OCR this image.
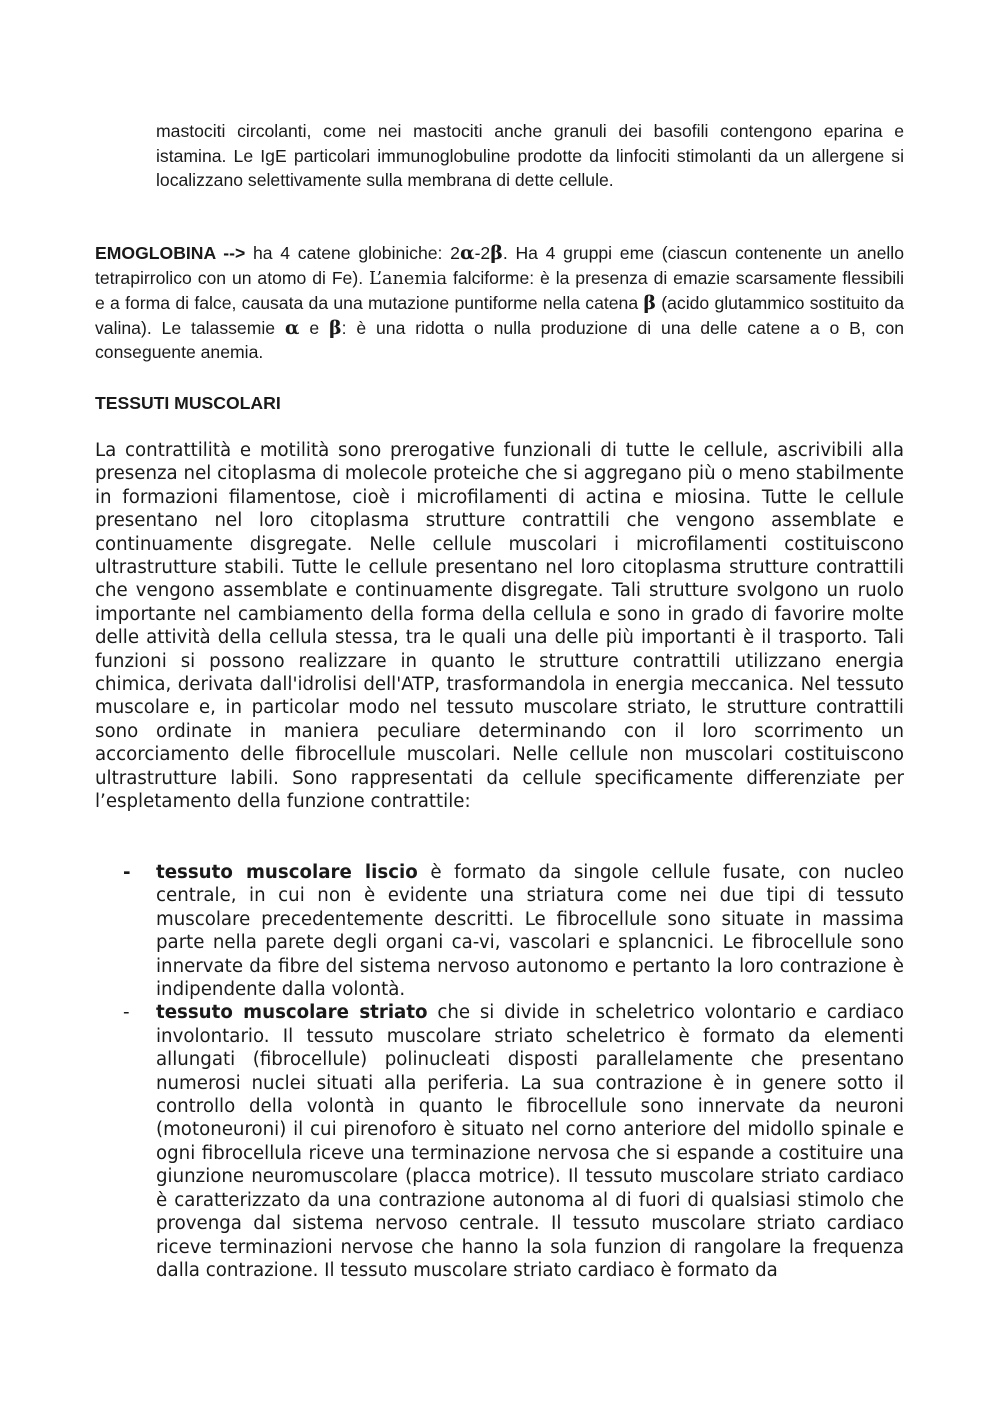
mastociti circolanti, come nei mastociti anche granuli dei basofili contengono eparina e istamina. Le IgE particolari immunoglobuline prodotte da linfociti stimolanti da un allergene si localizzano selettivamente sulla membrana di dette cellule.

EMOGLOBINA --> ha 4 catene globiniche: 2α-2β. Ha 4 gruppi eme (ciascun contenente un anello tetrapirrolico con un atomo di Fe). L’anemia falciforme: è la presenza di emazie scarsamente flessibili e a forma di falce, causata da una mutazione puntiforme nella catena β (acido glutammico sostituito da valina). Le talassemie α e β: è una ridotta o nulla produzione di una delle catene a o B, con conseguente anemia.

TESSUTI MUSCOLARI

La contrattilità e motilità sono prerogative funzionali di tutte le cellule, ascrivibili alla presenza nel citoplasma di molecole proteiche che si aggregano più o meno stabilmente in formazioni filamentose, cioè i microfilamenti di actina e miosina. Tutte le cellule presentano nel loro citoplasma strutture contrattili che vengono assemblate e continuamente disgregate. Nelle cellule muscolari i microfilamenti costituiscono ultrastrutture stabili. Tutte le cellule presentano nel loro citoplasma strutture contrattili che vengono assemblate e continuamente disgregate. Tali strutture svolgono un ruolo importante nel cambiamento della forma della cellula e sono in grado di favorire molte delle attività della cellula stessa, tra le quali una delle più importanti è il trasporto. Tali funzioni si possono realizzare in quanto le strutture contrattili utilizzano energia chimica, derivata dall'idrolisi dell'ATP, trasformandola in energia meccanica. Nel tessuto muscolare e, in particolar modo nel tessuto muscolare striato, le strutture contrattili sono ordinate in maniera peculiare determinando con il loro scorrimento un accorciamento delle fibrocellule muscolari. Nelle cellule non muscolari costituiscono ultrastrutture labili. Sono rappresentati da cellule specificamente differenziate per l’espletamento della funzione contrattile:

- tessuto muscolare liscio è formato da singole cellule fusate, con nucleo centrale, in cui non è evidente una striatura come nei due tipi di tessuto muscolare precedentemente descritti. Le fibrocellule sono situate in massima parte nella parete degli organi ca-vi, vascolari e splancnici. Le fibrocellule sono innervate da fibre del sistema nervoso autonomo e pertanto la loro contrazione è indipendente dalla volontà.
- tessuto muscolare striato che si divide in scheletrico volontario e cardiaco involontario. Il tessuto muscolare striato scheletrico è formato da elementi allungati (fibrocellule) polinucleati disposti parallelamente che presentano numerosi nuclei situati alla periferia. La sua contrazione è in genere sotto il controllo della volontà in quanto le fibrocellule sono innervate da neuroni (motoneuroni) il cui pirenoforo è situato nel corno anteriore del midollo spinale e ogni fibrocellula riceve una terminazione nervosa che si espande a costituire una giunzione neuromuscolare (placca motrice). Il tessuto muscolare striato cardiaco è caratterizzato da una contrazione autonoma al di fuori di qualsiasi stimolo che provenga dal sistema nervoso centrale. Il tessuto muscolare striato cardiaco riceve terminazioni nervose che hanno la sola funzion di rangolare la frequenza dalla contrazione. Il tessuto muscolare striato cardiaco è formato da
